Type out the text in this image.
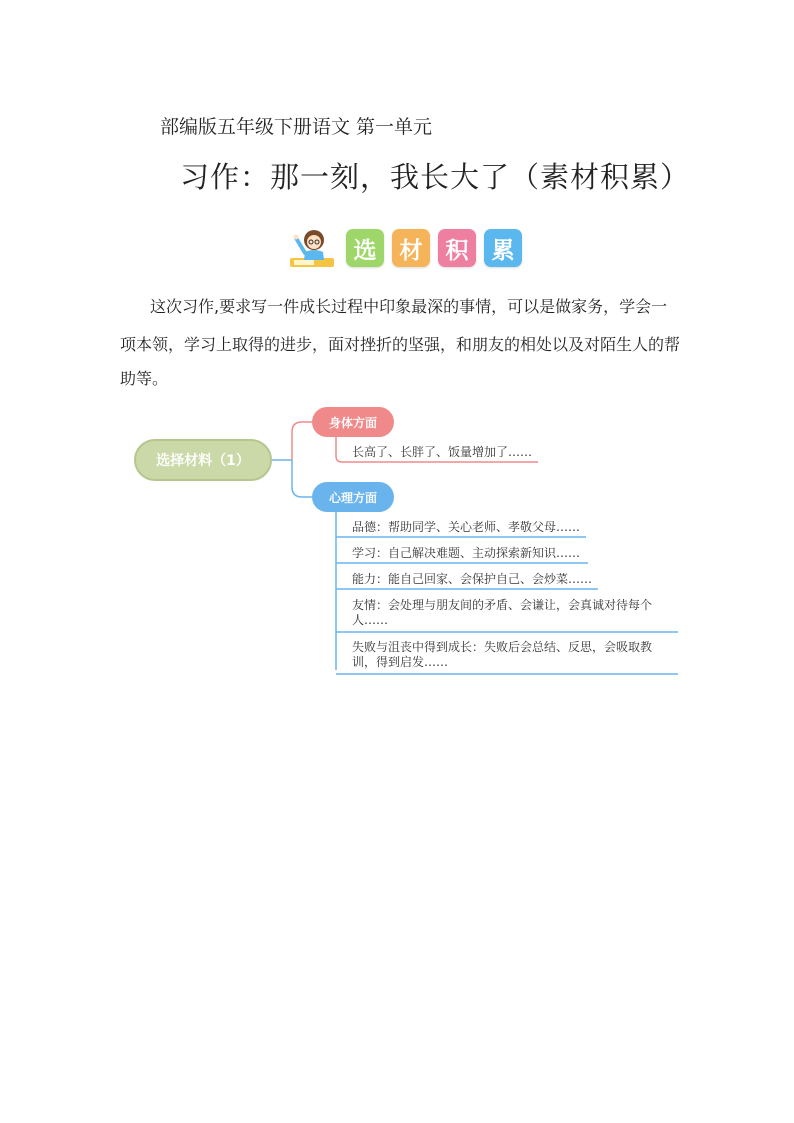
部编版五年级下册语文 第一单元
习作：那一刻，我长大了（素材积累）
选	材	积	累
这次习作,要求写一件成长过程中印象最深的事情，可以是做家务，学会一
项本领，学习上取得的进步，面对挫折的坚强，和朋友的相处以及对陌生人的帮
助等。
选择材料（1）
身体方面
长高了、长胖了、饭量增加了……
心理方面
品德：帮助同学、关心老师、孝敬父母……
学习：自己解决难题、主动探索新知识……
能力：能自己回家、会保护自己、会炒菜……
友情：会处理与朋友间的矛盾、会谦让，会真诚对待每个人……
失败与沮丧中得到成长：失败后会总结、反思，会吸取教训，得到启发……
